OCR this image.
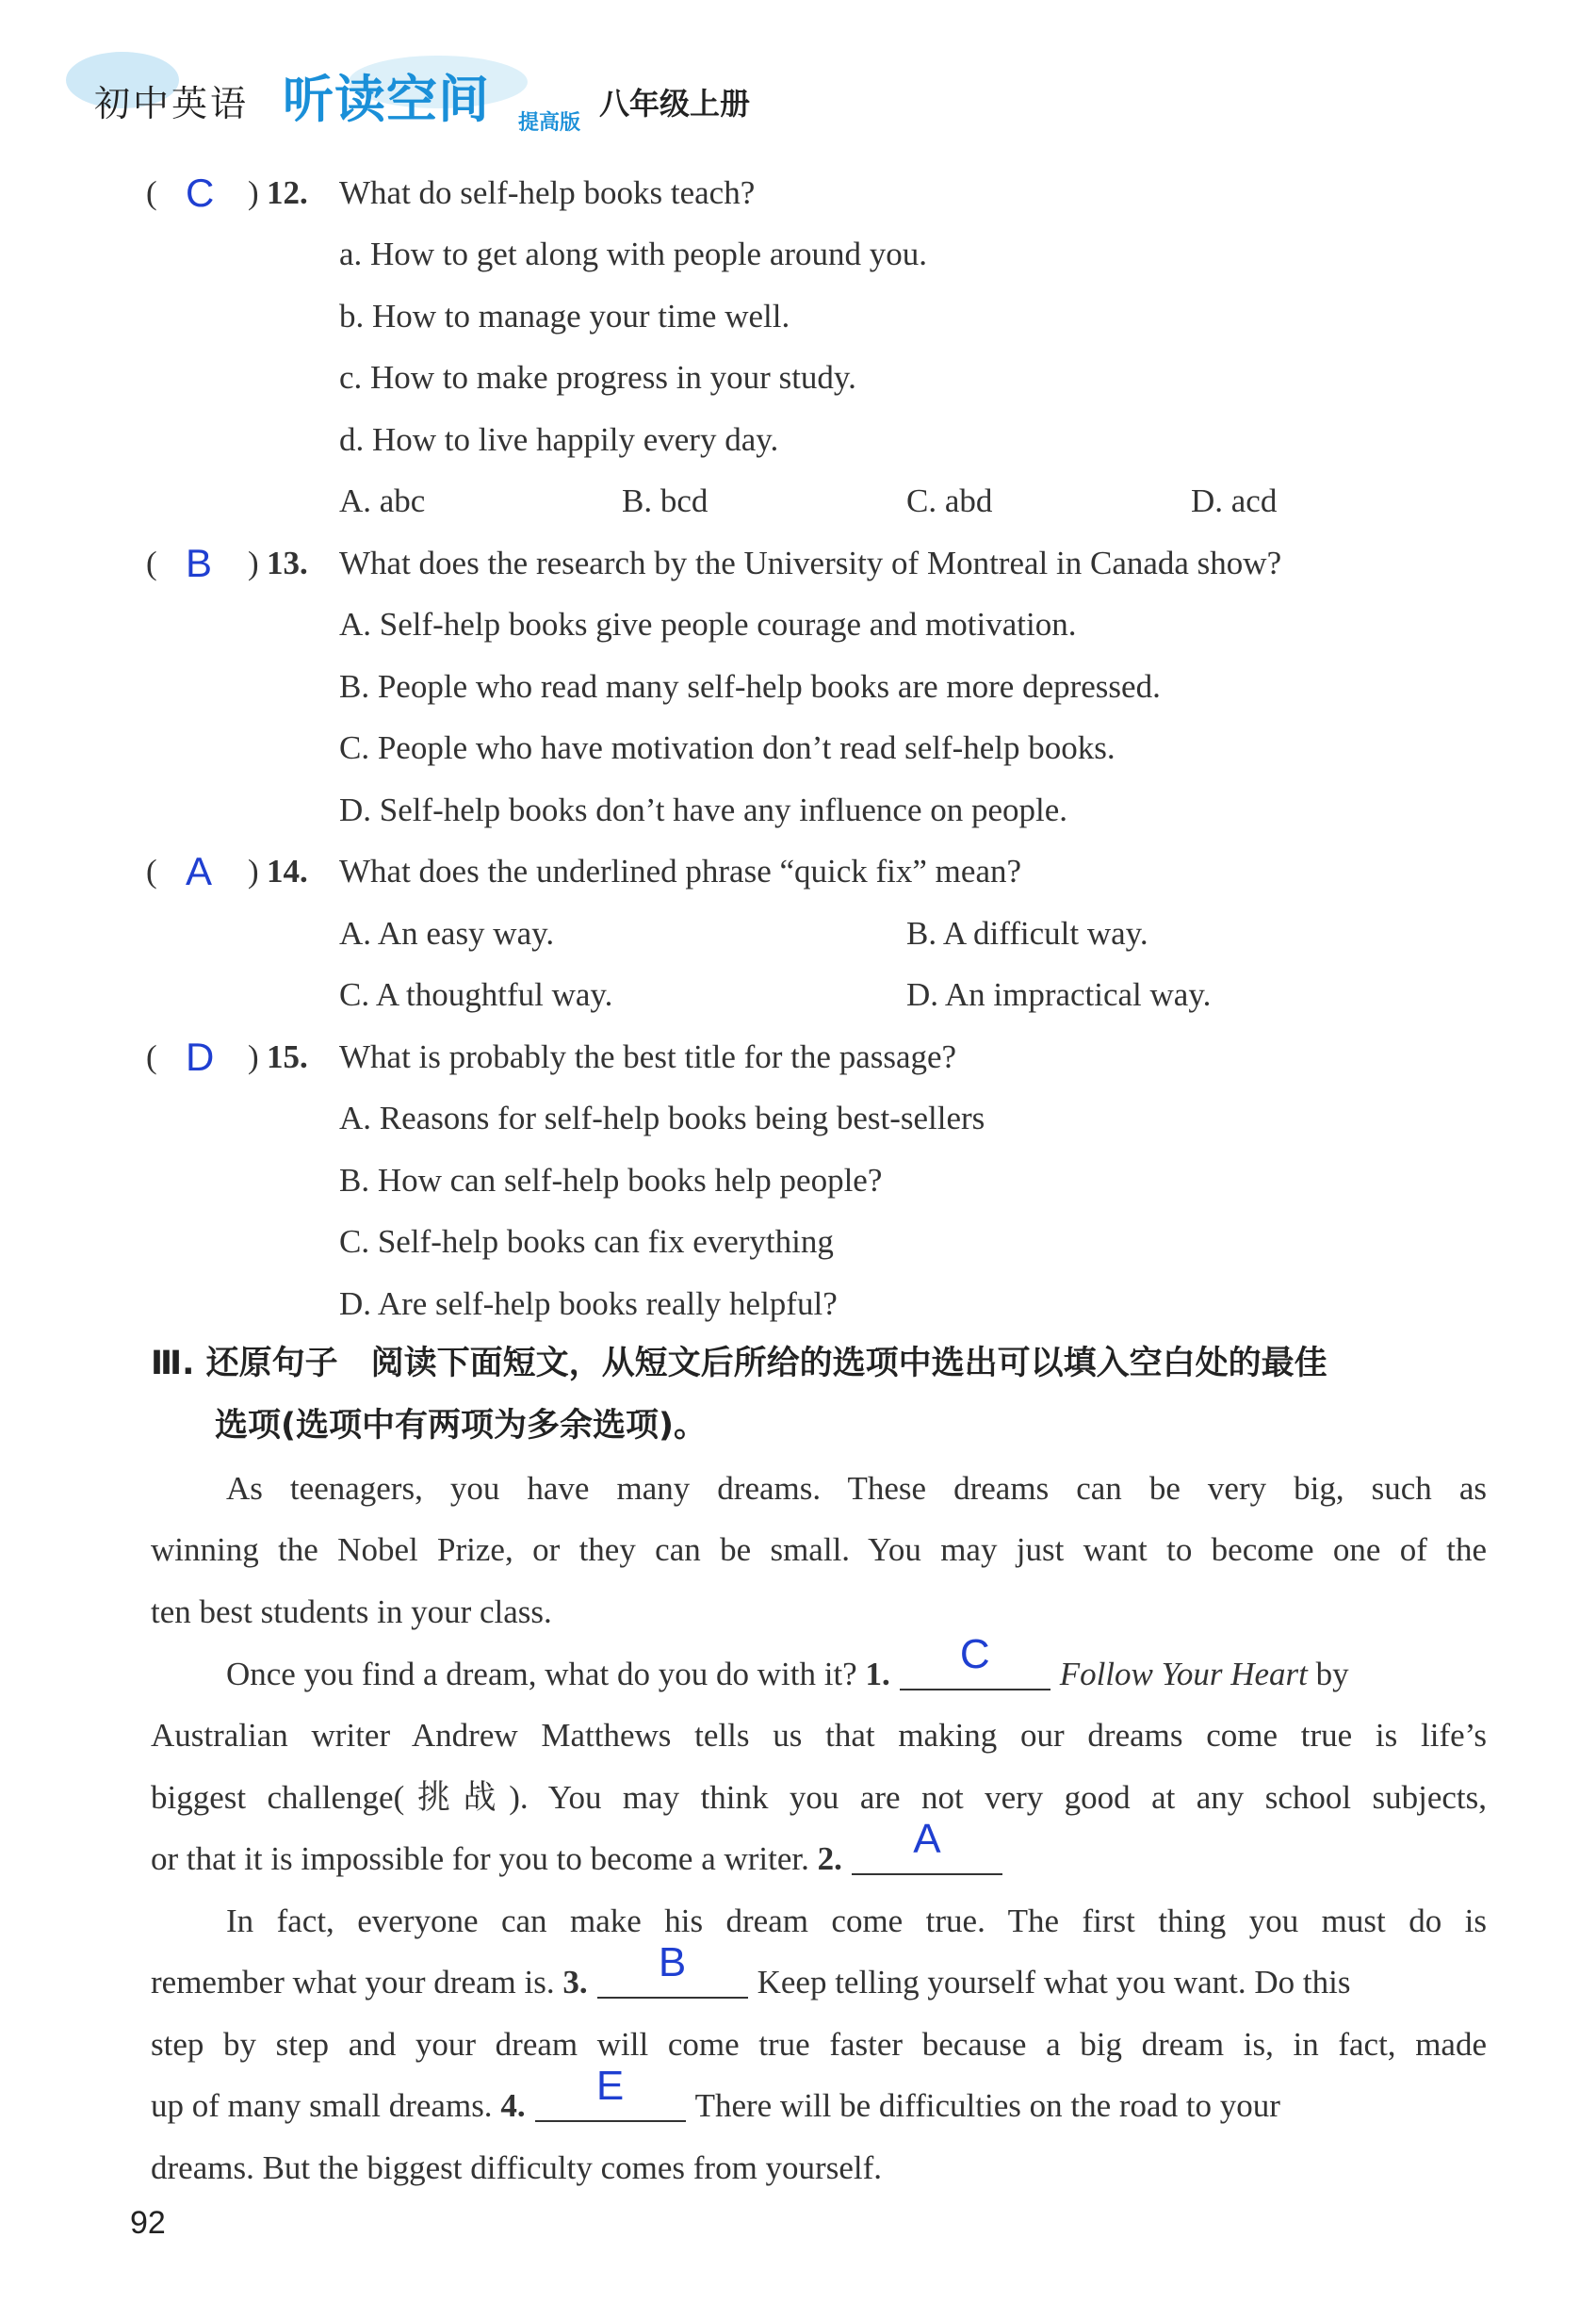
初中英语 听读空间 提高版
八年级上册
( C ) 12. What do self-help books teach?
a. How to get along with people around you.
b. How to manage your time well.
c. How to make progress in your study.
d. How to live happily every day.
A. abc	B. bcd	C. abd	D. acd
( B ) 13. What does the research by the University of Montreal in Canada show?
A. Self-help books give people courage and motivation.
B. People who read many self-help books are more depressed.
C. People who have motivation don’t read self-help books.
D. Self-help books don’t have any influence on people.
( A ) 14. What does the underlined phrase “quick fix” mean?
A. An easy way.	B. A difficult way.
C. A thoughtful way.	D. An impractical way.
( D ) 15. What is probably the best title for the passage?
A. Reasons for self-help books being best-sellers
B. How can self-help books help people?
C. Self-help books can fix everything
D. Are self-help books really helpful?
Ⅲ. 还原句子　阅读下面短文，从短文后所给的选项中选出可以填入空白处的最佳
选项(选项中有两项为多余选项)。
As teenagers, you have many dreams. These dreams can be very big, such as
winning the Nobel Prize, or they can be small. You may just want to become one of the
ten best students in your class.
Once you find a dream, what do you do with it? 1.	C	Follow Your Heart by
Australian writer Andrew Matthews tells us that making our dreams come true is life’s
biggest challenge(挑战). You may think you are not very good at any school subjects,
or that it is impossible for you to become a writer. 2.	A
In fact, everyone can make his dream come true. The first thing you must do is
remember what your dream is. 3.	B	Keep telling yourself what you want. Do this
step by step and your dream will come true faster because a big dream is, in fact, made
up of many small dreams. 4.	E	There will be difficulties on the road to your
dreams. But the biggest difficulty comes from yourself.
92
